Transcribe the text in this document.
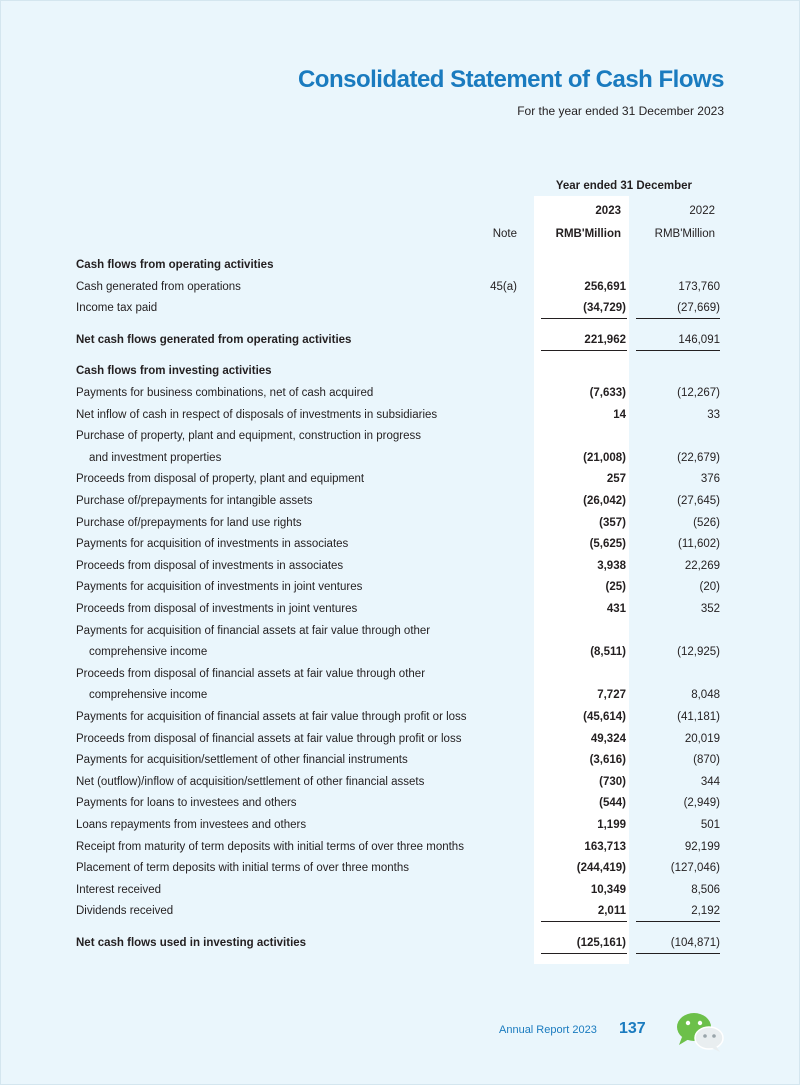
Consolidated Statement of Cash Flows
For the year ended 31 December 2023
Year ended 31 December
2023	2022
Note	RMB'Million	RMB'Million
Cash flows from operating activities
Cash generated from operations	45(a)	256,691	173,760
Income tax paid	(34,729)	(27,669)
Net cash flows generated from operating activities	221,962	146,091
Cash flows from investing activities
Payments for business combinations, net of cash acquired	(7,633)	(12,267)
Net inflow of cash in respect of disposals of investments in subsidiaries	14	33
Purchase of property, plant and equipment, construction in progress
and investment properties	(21,008)	(22,679)
Proceeds from disposal of property, plant and equipment	257	376
Purchase of/prepayments for intangible assets	(26,042)	(27,645)
Purchase of/prepayments for land use rights	(357)	(526)
Payments for acquisition of investments in associates	(5,625)	(11,602)
Proceeds from disposal of investments in associates	3,938	22,269
Payments for acquisition of investments in joint ventures	(25)	(20)
Proceeds from disposal of investments in joint ventures	431	352
Payments for acquisition of financial assets at fair value through other
comprehensive income	(8,511)	(12,925)
Proceeds from disposal of financial assets at fair value through other
comprehensive income	7,727	8,048
Payments for acquisition of financial assets at fair value through profit or loss	(45,614)	(41,181)
Proceeds from disposal of financial assets at fair value through profit or loss	49,324	20,019
Payments for acquisition/settlement of other financial instruments	(3,616)	(870)
Net (outflow)/inflow of acquisition/settlement of other financial assets	(730)	344
Payments for loans to investees and others	(544)	(2,949)
Loans repayments from investees and others	1,199	501
Receipt from maturity of term deposits with initial terms of over three months	163,713	92,199
Placement of term deposits with initial terms of over three months	(244,419)	(127,046)
Interest received	10,349	8,506
Dividends received	2,011	2,192
Net cash flows used in investing activities	(125,161)	(104,871)
Annual Report 2023 137
